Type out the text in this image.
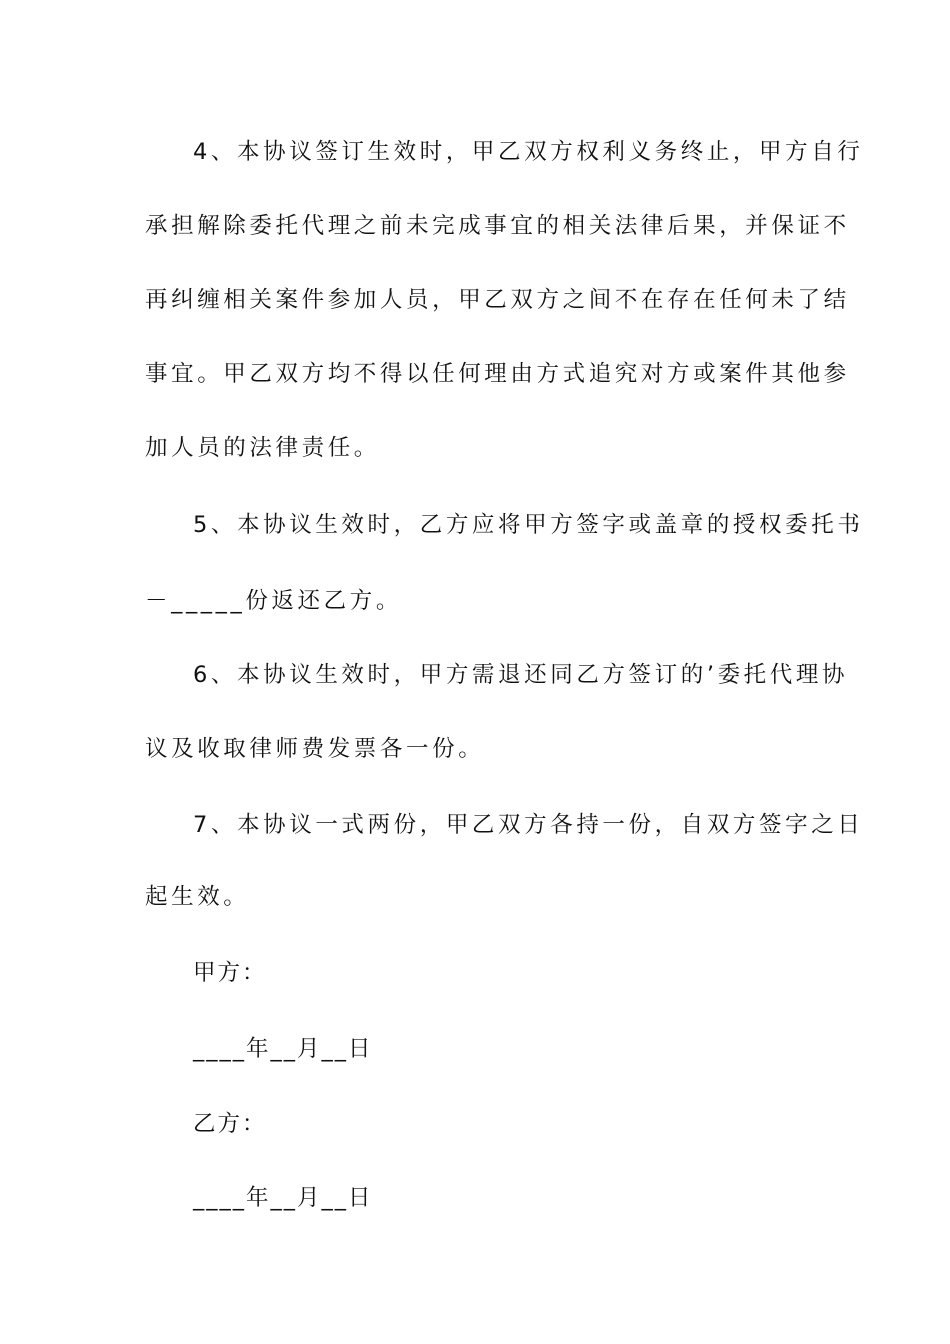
4、本协议签订生效时，甲乙双方权利义务终止，甲方自行
承担解除委托代理之前未完成事宜的相关法律后果，并保证不
再纠缠相关案件参加人员，甲乙双方之间不在存在任何未了结
事宜。甲乙双方均不得以任何理由方式追究对方或案件其他参
加人员的法律责任。
5、本协议生效时，乙方应将甲方签字或盖章的授权委托书
－_____份返还乙方。
6、本协议生效时，甲方需退还同乙方签订的’委托代理协
议及收取律师费发票各一份。
7、本协议一式两份，甲乙双方各持一份，自双方签字之日
起生效。
甲方：
____年__月__日
乙方：
____年__月__日
